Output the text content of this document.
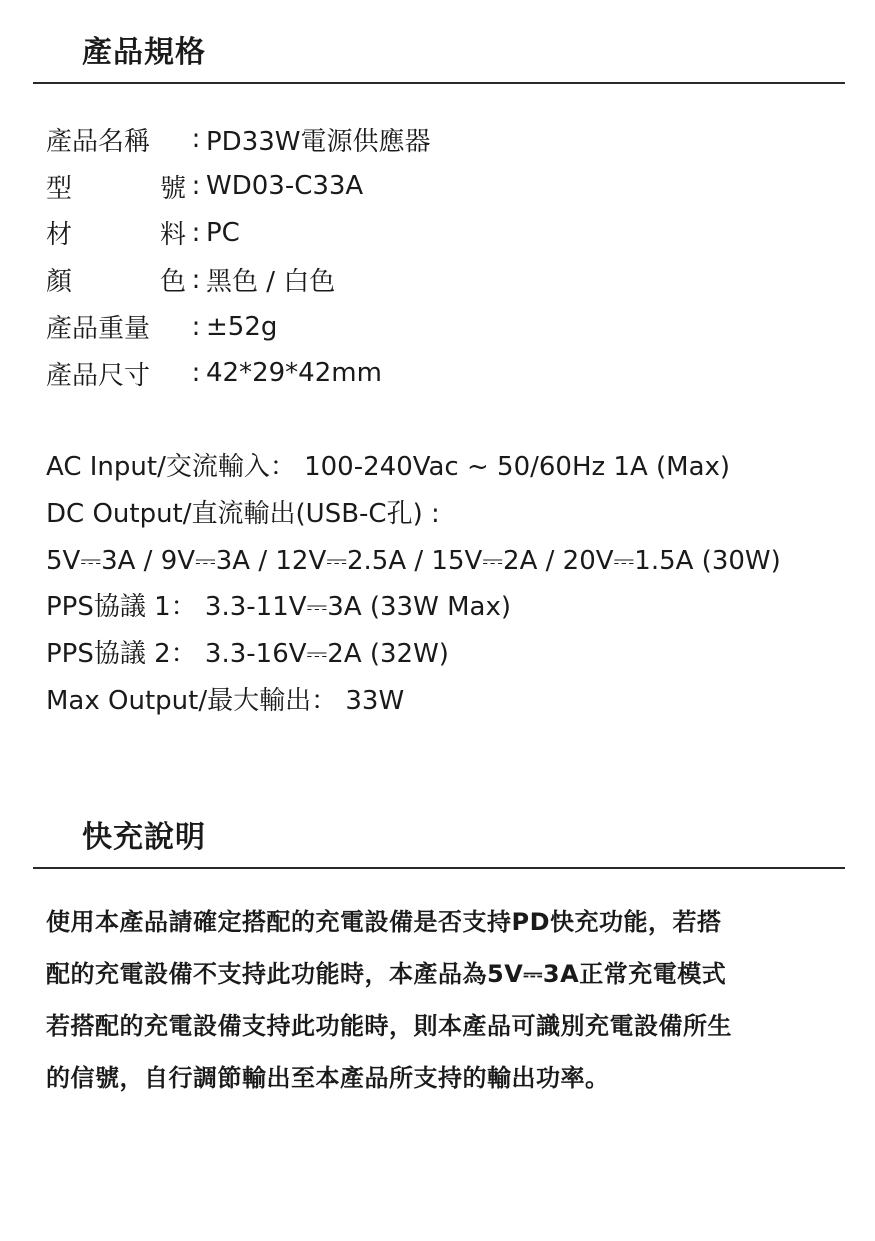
產品規格
產品名稱 : PD33W電源供應器
型	號 : WD03-C33A
材	料 : PC
顏	色 : 黑色 / 白色
產品重量 : ±52g
產品尺寸 : 42*29*42mm
AC Input/交流輸入： 100-240Vac ~ 50/60Hz 1A (Max)
DC Output/直流輸出(USB-C孔) :
5V⎓3A / 9V⎓3A / 12V⎓2.5A / 15V⎓2A / 20V⎓1.5A (30W)
PPS協議 1： 3.3-11V⎓3A (33W Max)
PPS協議 2： 3.3-16V⎓2A (32W)
Max Output/最大輸出： 33W
快充說明
使用本產品請確定搭配的充電設備是否支持PD快充功能，若搭
配的充電設備不支持此功能時，本產品為5V⎓3A正常充電模式
若搭配的充電設備支持此功能時，則本產品可識別充電設備所生
的信號，自行調節輸出至本產品所支持的輸出功率。
